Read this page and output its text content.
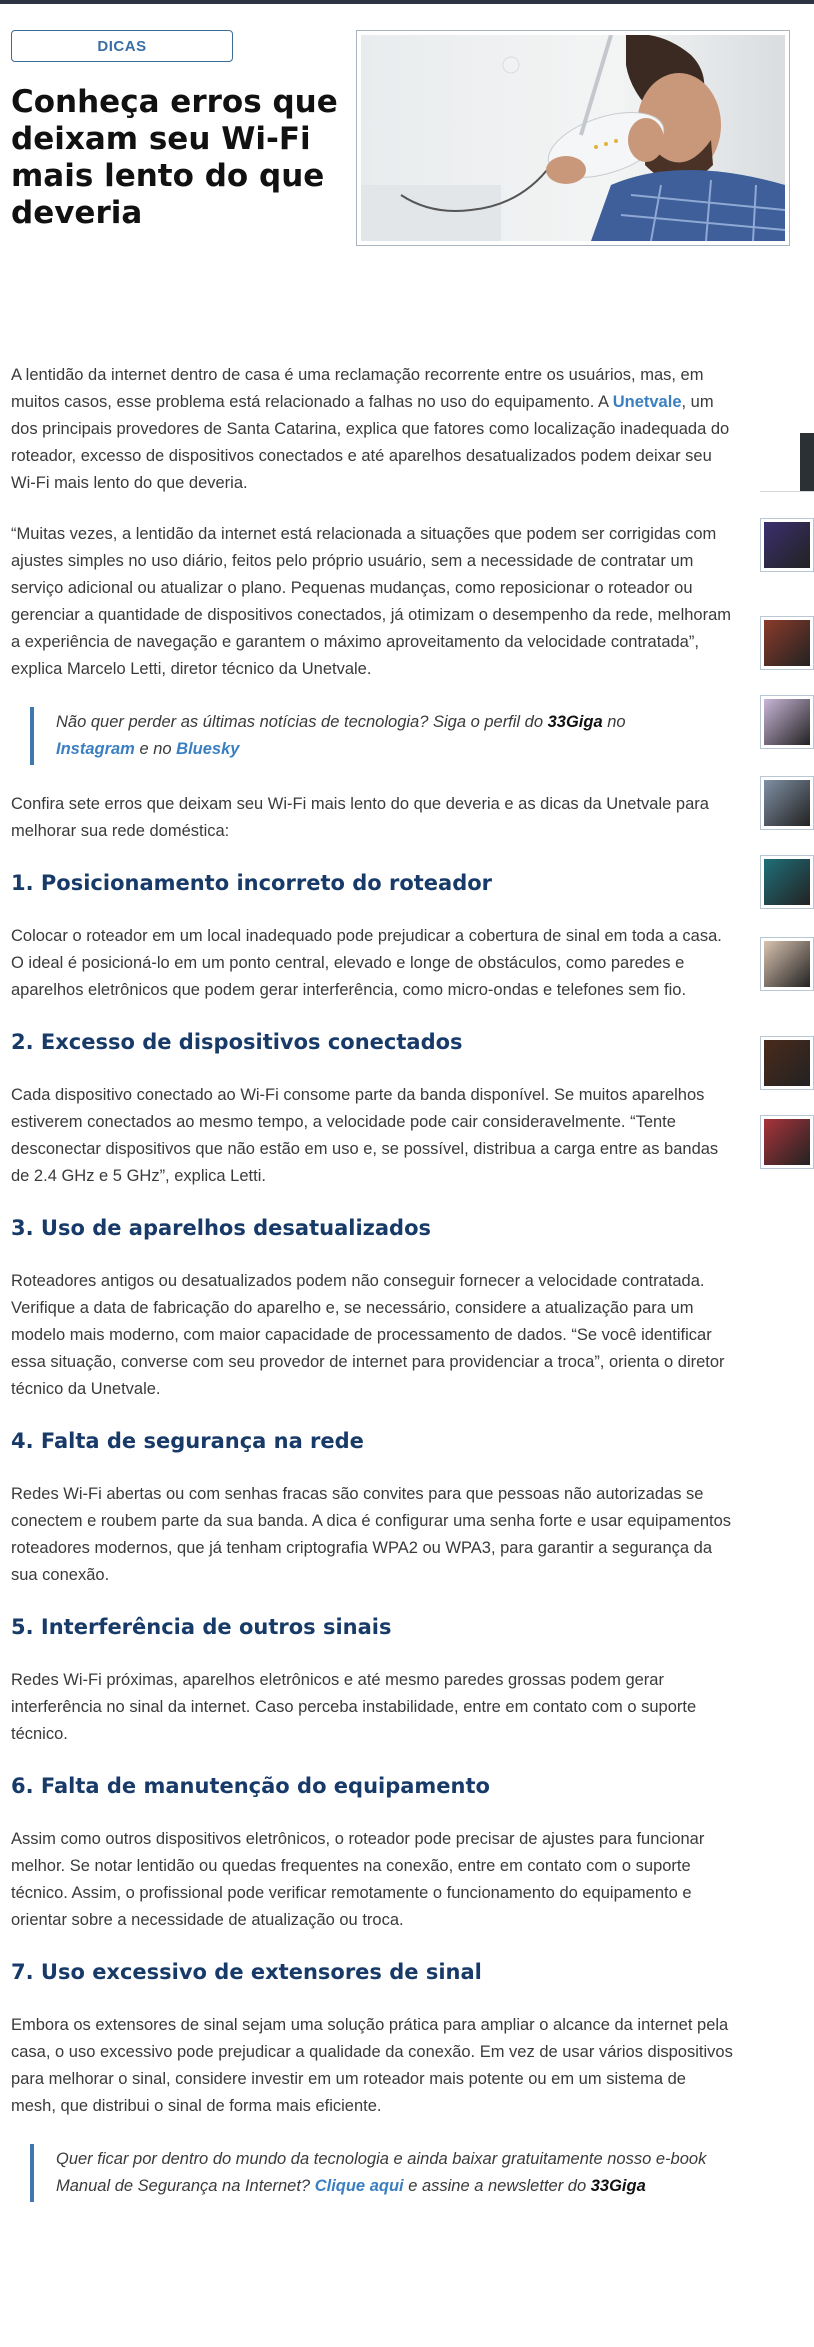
DICAS
Conheça erros que deixam seu Wi-Fi mais lento do que deveria

A lentidão da internet dentro de casa é uma reclamação recorrente entre os usuários, mas, em muitos casos, esse problema está relacionado a falhas no uso do equipamento. A Unetvale, um dos principais provedores de Santa Catarina, explica que fatores como localização inadequada do roteador, excesso de dispositivos conectados e até aparelhos desatualizados podem deixar seu Wi-Fi mais lento do que deveria.

“Muitas vezes, a lentidão da internet está relacionada a situações que podem ser corrigidas com ajustes simples no uso diário, feitos pelo próprio usuário, sem a necessidade de contratar um serviço adicional ou atualizar o plano. Pequenas mudanças, como reposicionar o roteador ou gerenciar a quantidade de dispositivos conectados, já otimizam o desempenho da rede, melhoram a experiência de navegação e garantem o máximo aproveitamento da velocidade contratada”, explica Marcelo Letti, diretor técnico da Unetvale.

Não quer perder as últimas notícias de tecnologia? Siga o perfil do 33Giga no
Instagram e no Bluesky

Confira sete erros que deixam seu Wi-Fi mais lento do que deveria e as dicas da Unetvale para melhorar sua rede doméstica:

1. Posicionamento incorreto do roteador

Colocar o roteador em um local inadequado pode prejudicar a cobertura de sinal em toda a casa. O ideal é posicioná-lo em um ponto central, elevado e longe de obstáculos, como paredes e aparelhos eletrônicos que podem gerar interferência, como micro-ondas e telefones sem fio.

2. Excesso de dispositivos conectados

Cada dispositivo conectado ao Wi-Fi consome parte da banda disponível. Se muitos aparelhos estiverem conectados ao mesmo tempo, a velocidade pode cair consideravelmente. “Tente desconectar dispositivos que não estão em uso e, se possível, distribua a carga entre as bandas de 2.4 GHz e 5 GHz”, explica Letti.

3. Uso de aparelhos desatualizados

Roteadores antigos ou desatualizados podem não conseguir fornecer a velocidade contratada. Verifique a data de fabricação do aparelho e, se necessário, considere a atualização para um modelo mais moderno, com maior capacidade de processamento de dados. “Se você identificar essa situação, converse com seu provedor de internet para providenciar a troca”, orienta o diretor técnico da Unetvale.

4. Falta de segurança na rede

Redes Wi-Fi abertas ou com senhas fracas são convites para que pessoas não autorizadas se conectem e roubem parte da sua banda. A dica é configurar uma senha forte e usar equipamentos roteadores modernos, que já tenham criptografia WPA2 ou WPA3, para garantir a segurança da sua conexão.

5. Interferência de outros sinais

Redes Wi-Fi próximas, aparelhos eletrônicos e até mesmo paredes grossas podem gerar interferência no sinal da internet. Caso perceba instabilidade, entre em contato com o suporte técnico.

6. Falta de manutenção do equipamento

Assim como outros dispositivos eletrônicos, o roteador pode precisar de ajustes para funcionar melhor. Se notar lentidão ou quedas frequentes na conexão, entre em contato com o suporte técnico. Assim, o profissional pode verificar remotamente o funcionamento do equipamento e orientar sobre a necessidade de atualização ou troca.

7. Uso excessivo de extensores de sinal

Embora os extensores de sinal sejam uma solução prática para ampliar o alcance da internet pela casa, o uso excessivo pode prejudicar a qualidade da conexão. Em vez de usar vários dispositivos para melhorar o sinal, considere investir em um roteador mais potente ou em um sistema de mesh, que distribui o sinal de forma mais eficiente.

Quer ficar por dentro do mundo da tecnologia e ainda baixar gratuitamente nosso e-book Manual de Segurança na Internet? Clique aqui e assine a newsletter do 33Giga
